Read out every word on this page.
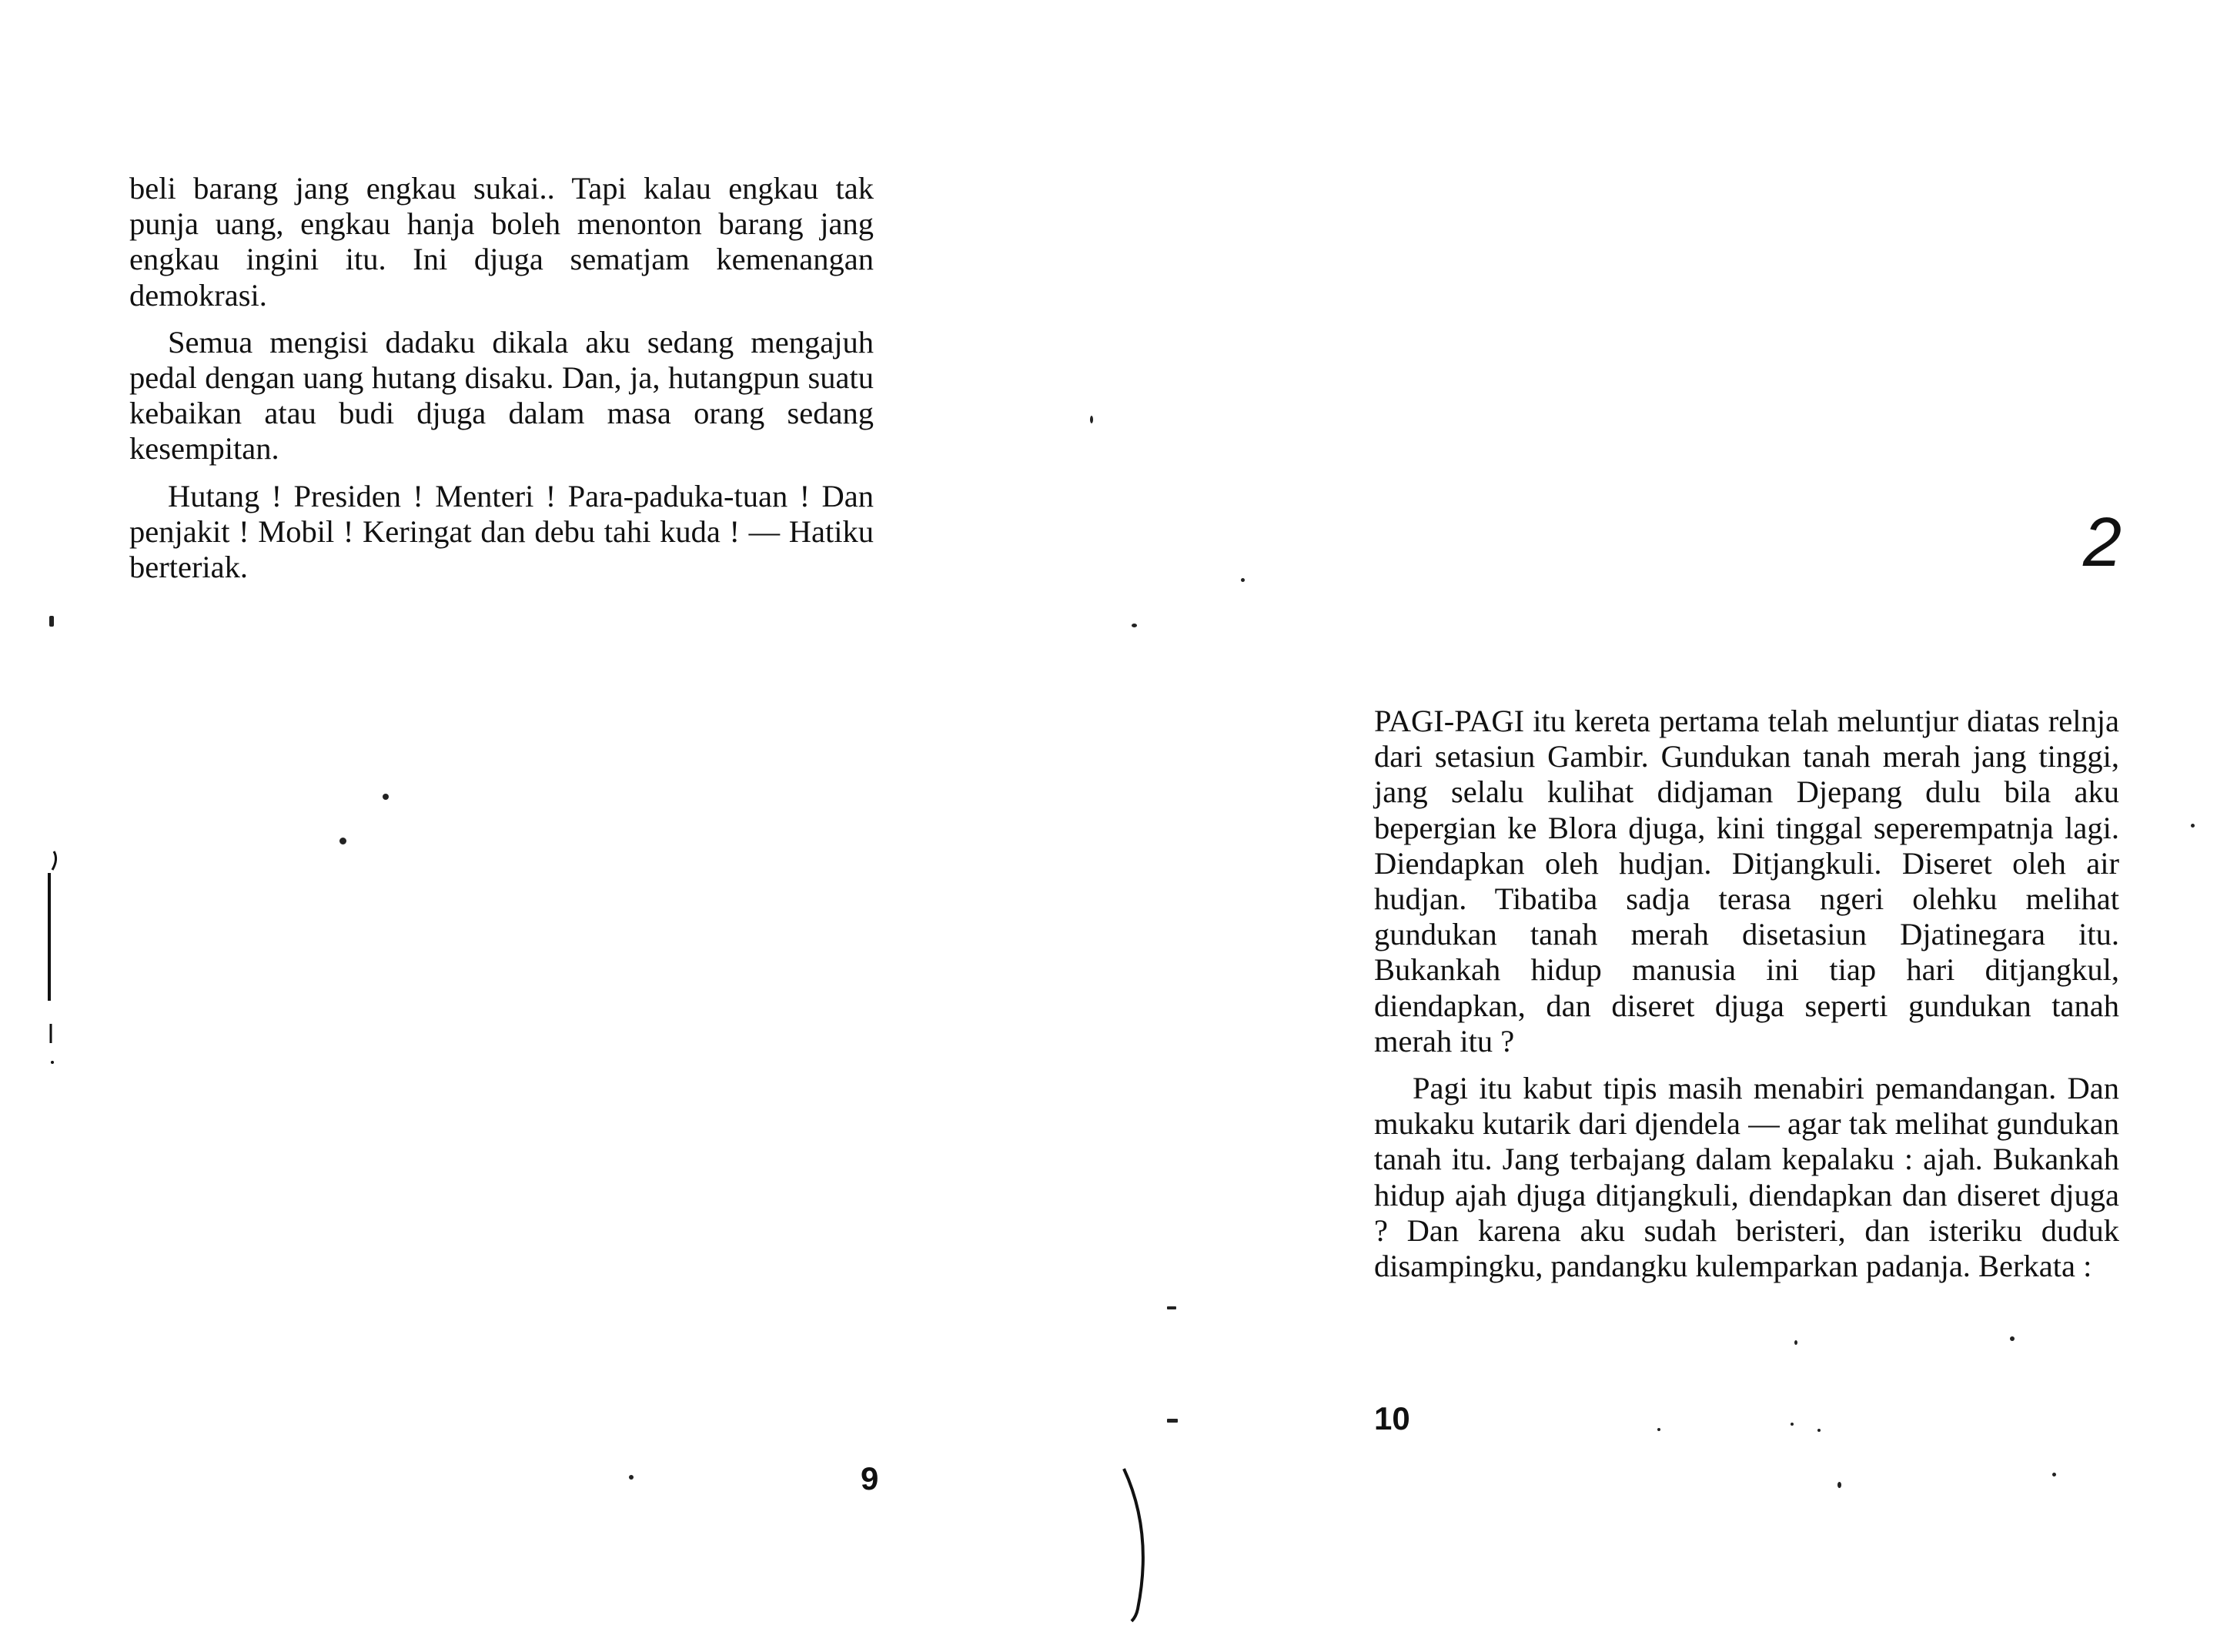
beli barang jang engkau sukai.. Tapi kalau engkau tak punja uang, engkau hanja boleh menonton barang jang engkau ingini itu. Ini djuga sematjam kemenangan demokrasi.

Semua mengisi dadaku dikala aku sedang mengajuh pedal dengan uang hutang disaku. Dan, ja, hutangpun suatu kebaikan atau budi djuga dalam masa orang sedang kesempitan.

Hutang ! Presiden ! Menteri ! Para-paduka-tuan ! Dan penjakit ! Mobil ! Keringat dan debu tahi kuda ! — Hatiku berteriak.

9
2

PAGI-PAGI itu kereta pertama telah meluntjur diatas relnja dari setasiun Gambir. Gundukan tanah merah jang tinggi, jang selalu kulihat didjaman Djepang dulu bila aku bepergian ke Blora djuga, kini tinggal seperempatnja lagi. Diendapkan oleh hudjan. Ditjangkuli. Diseret oleh air hudjan. Tibatiba sadja terasa ngeri olehku melihat gundukan tanah merah disetasiun Djatinegara itu. Bukankah hidup manusia ini tiap hari ditjangkul, diendapkan, dan diseret djuga seperti gundukan tanah merah itu ?

Pagi itu kabut tipis masih menabiri pemandangan. Dan mukaku kutarik dari djendela — agar tak melihat gundukan tanah itu. Jang terbajang dalam kepalaku : ajah. Bukankah hidup ajah djuga ditjangkuli, diendapkan dan diseret djuga ? Dan karena aku sudah beristeri, dan isteriku duduk disampingku, pandangku kulemparkan padanja. Berkata :

10
